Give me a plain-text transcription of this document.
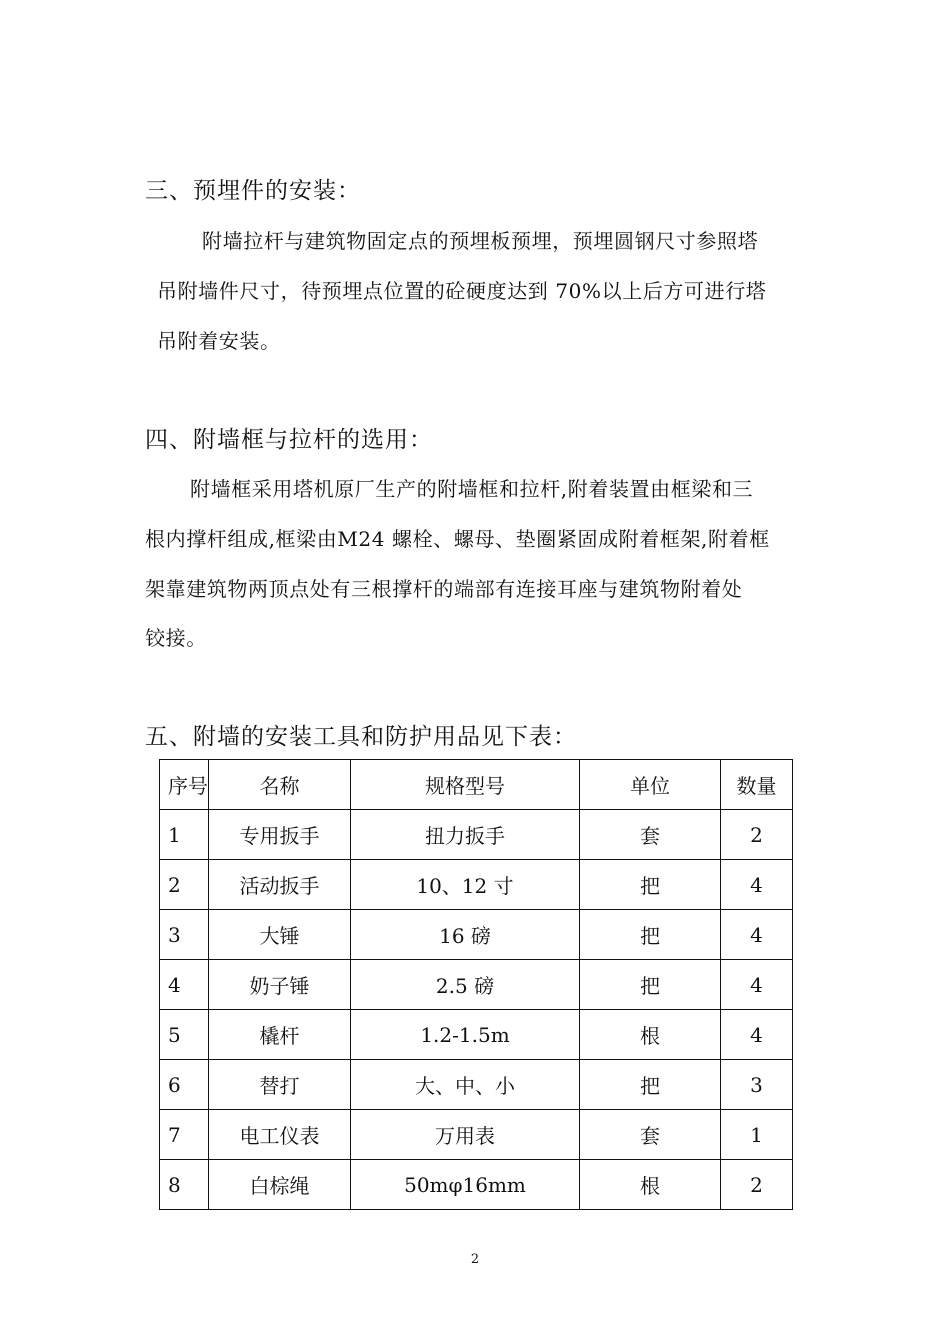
三、预埋件的安装：
附墙拉杆与建筑物固定点的预埋板预埋，预埋圆钢尺寸参照塔
吊附墙件尺寸，待预埋点位置的砼硬度达到 70%以上后方可进行塔
吊附着安装。
四、附墙框与拉杆的选用：
附墙框采用塔机原厂生产的附墙框和拉杆,附着装置由框梁和三
根内撑杆组成,框梁由M24 螺栓、螺母、垫圈紧固成附着框架,附着框
架靠建筑物两顶点处有三根撑杆的端部有连接耳座与建筑物附着处
铰接。
五、附墙的安装工具和防护用品见下表：
序号	名称	规格型号	单位	数量
1	专用扳手	扭力扳手	套	2
2	活动扳手	10、12 寸	把	4
3	大锤	16 磅	把	4
4	奶子锤	2.5 磅	把	4
5	橇杆	1.2-1.5m	根	4
6	替打	大、中、小	把	3
7	电工仪表	万用表	套	1
8	白棕绳	50mφ16mm	根	2
2
